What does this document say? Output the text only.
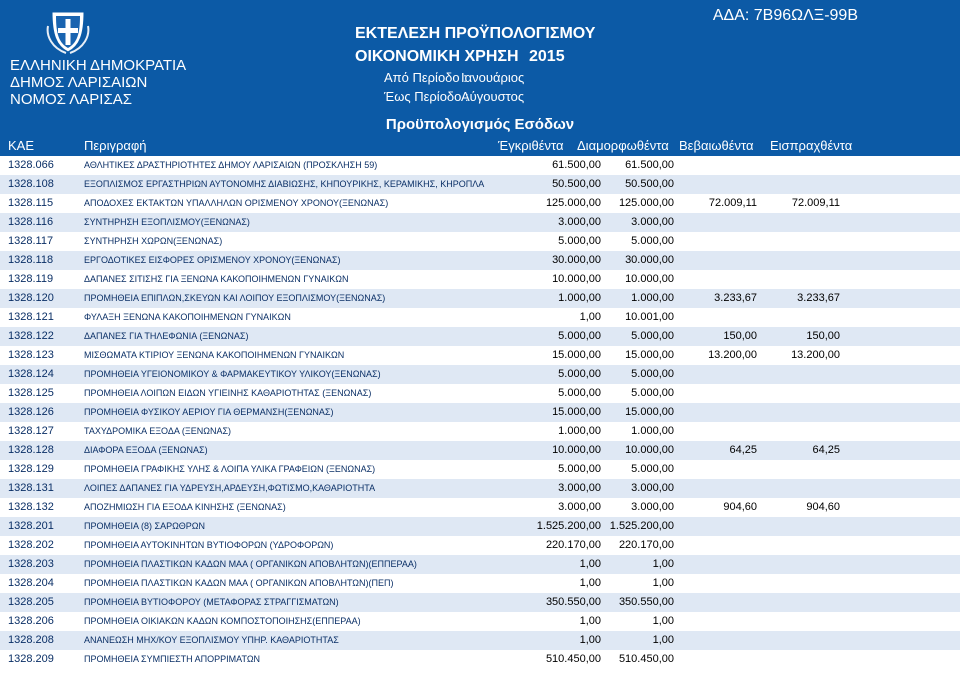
ΕΛΛΗΝΙΚΗ ΔΗΜΟΚΡΑΤΙΑ
ΔΗΜΟΣ ΛΑΡΙΣΑΙΩΝ
ΝΟΜΟΣ ΛΑΡΙΣΑΣ
ΕΚΤΕΛΕΣΗ ΠΡΟΫΠΟΛΟΓΙΣΜΟΥ
ΟΙΚΟΝΟΜΙΚΗ ΧΡΗΣΗ 2015
Από Περίοδο :
Ιανουάριος
Έως Περίοδο :
Αύγουστος
ΑΔΑ: 7Β96ΩΛΞ-99Β
Προϋπολογισμός Εσόδων
ΚΑΕ	Περιγραφή	Έγκριθέντα Διαμορφωθέντα Βεβαιωθέντα Εισπραχθέντα
1328.066	ΑΘΛΗΤΙΚΕΣ ΔΡΑΣΤΗΡΙΟΤΗΤΕΣ ΔΗΜΟΥ ΛΑΡΙΣΑΙΩΝ (ΠΡΟΣΚΛΗΣΗ 59)	61.500,00 61.500,00
1328.108	ΕΞΟΠΛΙΣΜΟΣ ΕΡΓΑΣΤΗΡΙΩΝ ΑΥΤΟΝΟΜΗΣ ΔΙΑΒΙΩΣΗΣ, ΚΗΠΟΥΡΙΚΗΣ, ΚΕΡΑΜΙΚΗΣ, ΚΗΡΟΠΛΑ	50.500,00 50.500,00
1328.115	ΑΠΟΔΟΧΕΣ ΕΚΤΑΚΤΩΝ ΥΠΑΛΛΗΛΩΝ ΟΡΙΣΜΕΝΟΥ ΧΡΟΝΟΥ(ΞΕΝΩΝΑΣ)	125.000,00 125.000,00	72.009,11	72.009,11
1328.116	ΣΥΝΤΗΡΗΣΗ ΕΞΟΠΛΙΣΜΟΥ(ΞΕΝΩΝΑΣ)	3.000,00	3.000,00
1328.117	ΣΥΝΤΗΡΗΣΗ ΧΩΡΩΝ(ΞΕΝΩΝΑΣ)	5.000,00	5.000,00
1328.118	ΕΡΓΟΔΟΤΙΚΕΣ ΕΙΣΦΟΡΕΣ ΟΡΙΣΜΕΝΟΥ ΧΡΟΝΟΥ(ΞΕΝΩΝΑΣ)	30.000,00 30.000,00
1328.119	ΔΑΠΑΝΕΣ ΣΙΤΙΣΗΣ ΓΙΑ ΞΕΝΩΝΑ ΚΑΚΟΠΟΙΗΜΕΝΩΝ ΓΥΝΑΙΚΩΝ	10.000,00 10.000,00
1328.120	ΠΡΟΜΗΘΕΙΑ ΕΠΙΠΛΩΝ,ΣΚΕΥΩΝ ΚΑΙ ΛΟΙΠΟΥ ΕΞΟΠΛΙΣΜΟΥ(ΞΕΝΩΝΑΣ)	1.000,00	1.000,00	3.233,67	3.233,67
1328.121	ΦΥΛΑΞΗ ΞΕΝΩΝΑ ΚΑΚΟΠΟΙΗΜΕΝΩΝ ΓΥΝΑΙΚΩΝ	1,00 10.001,00
1328.122	ΔΑΠΑΝΕΣ ΓΙΑ ΤΗΛΕΦΩΝΙΑ (ΞΕΝΩΝΑΣ)	5.000,00	5.000,00	150,00	150,00
1328.123	ΜΙΣΘΩΜΑΤΑ ΚΤΙΡΙΟΥ ΞΕΝΩΝΑ ΚΑΚΟΠΟΙΗΜΕΝΩΝ ΓΥΝΑΙΚΩΝ	15.000,00 15.000,00	13.200,00	13.200,00
1328.124	ΠΡΟΜΗΘΕΙΑ ΥΓΕΙΟΝΟΜΙΚΟΥ & ΦΑΡΜΑΚΕΥΤΙΚΟΥ ΥΛΙΚΟΥ(ΞΕΝΩΝΑΣ)	5.000,00	5.000,00
1328.125	ΠΡΟΜΗΘΕΙΑ ΛΟΙΠΩΝ ΕΙΔΩΝ ΥΓΙΕΙΝΗΣ ΚΑΘΑΡΙΟΤΗΤΑΣ (ΞΕΝΩΝΑΣ)	5.000,00	5.000,00
1328.126	ΠΡΟΜΗΘΕΙΑ ΦΥΣΙΚΟΥ ΑΕΡΙΟΥ ΓΙΑ ΘΕΡΜΑΝΣΗ(ΞΕΝΩΝΑΣ)	15.000,00 15.000,00
1328.127	ΤΑΧΥΔΡΟΜΙΚΑ ΕΞΟΔΑ (ΞΕΝΩΝΑΣ)	1.000,00	1.000,00
1328.128	ΔΙΑΦΟΡΑ ΕΞΟΔΑ (ΞΕΝΩΝΑΣ)	10.000,00 10.000,00	64,25	64,25
1328.129	ΠΡΟΜΗΘΕΙΑ ΓΡΑΦΙΚΗΣ ΥΛΗΣ & ΛΟΙΠΑ ΥΛΙΚΑ ΓΡΑΦΕΙΩΝ (ΞΕΝΩΝΑΣ)	5.000,00	5.000,00
1328.131	ΛΟΙΠΕΣ ΔΑΠΑΝΕΣ ΓΙΑ ΥΔΡΕΥΣΗ,ΑΡΔΕΥΣΗ,ΦΩΤΙΣΜΟ,ΚΑΘΑΡΙΟΤΗΤΑ	3.000,00	3.000,00
1328.132	ΑΠΟΖΗΜΙΩΣΗ ΓΙΑ ΕΞΟΔΑ ΚΙΝΗΣΗΣ (ΞΕΝΩΝΑΣ)	3.000,00	3.000,00	904,60	904,60
1328.201	ΠΡΟΜΗΘΕΙΑ (8) ΣΑΡΩΘΡΩΝ	1.525.200,00 1.525.200,00
1328.202	ΠΡΟΜΗΘΕΙΑ ΑΥΤΟΚΙΝΗΤΩΝ ΒΥΤΙΟΦΟΡΩΝ (ΥΔΡΟΦΟΡΩΝ)	220.170,00 220.170,00
1328.203	ΠΡΟΜΗΘΕΙΑ ΠΛΑΣΤΙΚΩΝ ΚΑΔΩΝ ΜΑΑ ( ΟΡΓΑΝΙΚΩΝ ΑΠΟΒΛΗΤΩΝ)(ΕΠΠΕΡΑΑ)	1,00	1,00
1328.204	ΠΡΟΜΗΘΕΙΑ ΠΛΑΣΤΙΚΩΝ ΚΑΔΩΝ ΜΑΑ ( ΟΡΓΑΝΙΚΩΝ ΑΠΟΒΛΗΤΩΝ)(ΠΕΠ)	1,00	1,00
1328.205	ΠΡΟΜΗΘΕΙΑ ΒΥΤΙΟΦΟΡΟΥ (ΜΕΤΑΦΟΡΑΣ ΣΤΡΑΓΓΙΣΜΑΤΩΝ)	350.550,00 350.550,00
1328.206	ΠΡΟΜΗΘΕΙΑ ΟΙΚΙΑΚΩΝ ΚΑΔΩΝ ΚΟΜΠΟΣΤΟΠΟΙΗΣΗΣ(ΕΠΠΕΡΑΑ)	1,00	1,00
1328.208	ΑΝΑΝΕΩΣΗ ΜΗΧ/ΚΟΥ ΕΞΟΠΛΙΣΜΟΥ ΥΠΗΡ. ΚΑΘΑΡΙΟΤΗΤΑΣ	1,00	1,00
1328.209	ΠΡΟΜΗΘΕΙΑ ΣΥΜΠΙΕΣΤΗ ΑΠΟΡΡΙΜΑΤΩΝ	510.450,00 510.450,00
